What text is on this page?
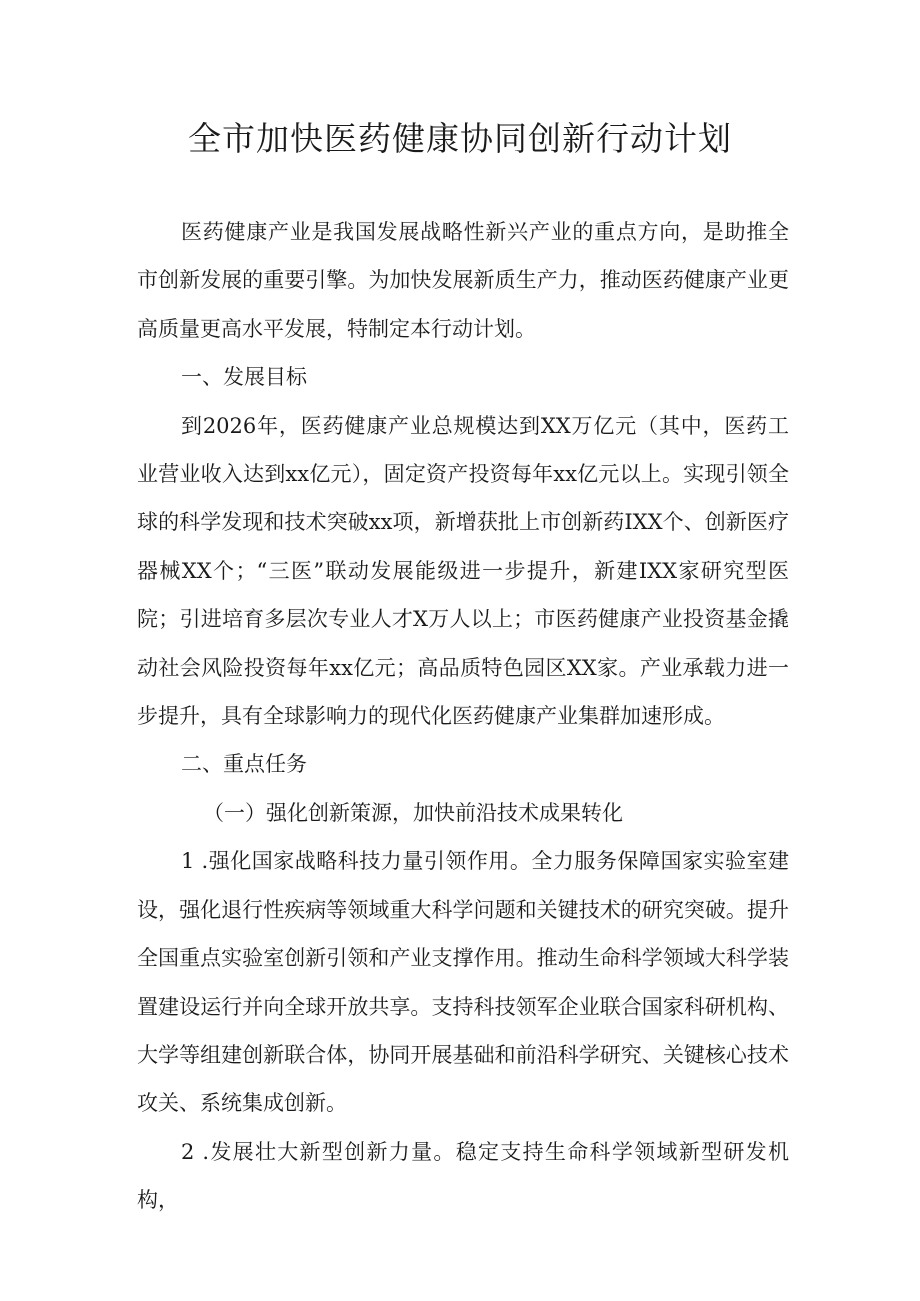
全市加快医药健康协同创新行动计划

医药健康产业是我国发展战略性新兴产业的重点方向，是助推全市创新发展的重要引擎。为加快发展新质生产力，推动医药健康产业更高质量更高水平发展，特制定本行动计划。

一、发展目标

到2026年，医药健康产业总规模达到XX万亿元（其中，医药工业营业收入达到xx亿元），固定资产投资每年xx亿元以上。实现引领全球的科学发现和技术突破xx项，新增获批上市创新药IXX个、创新医疗器械XX个；“三医”联动发展能级进一步提升，新建IXX家研究型医院；引进培育多层次专业人才X万人以上；市医药健康产业投资基金撬动社会风险投资每年xx亿元；高品质特色园区XX家。产业承载力进一步提升，具有全球影响力的现代化医药健康产业集群加速形成。

二、重点任务

（一）强化创新策源，加快前沿技术成果转化

1 .强化国家战略科技力量引领作用。全力服务保障国家实验室建设，强化退行性疾病等领域重大科学问题和关键技术的研究突破。提升全国重点实验室创新引领和产业支撑作用。推动生命科学领域大科学装置建设运行并向全球开放共享。支持科技领军企业联合国家科研机构、大学等组建创新联合体，协同开展基础和前沿科学研究、关键核心技术攻关、系统集成创新。

2 .发展壮大新型创新力量。稳定支持生命科学领域新型研发机构，
